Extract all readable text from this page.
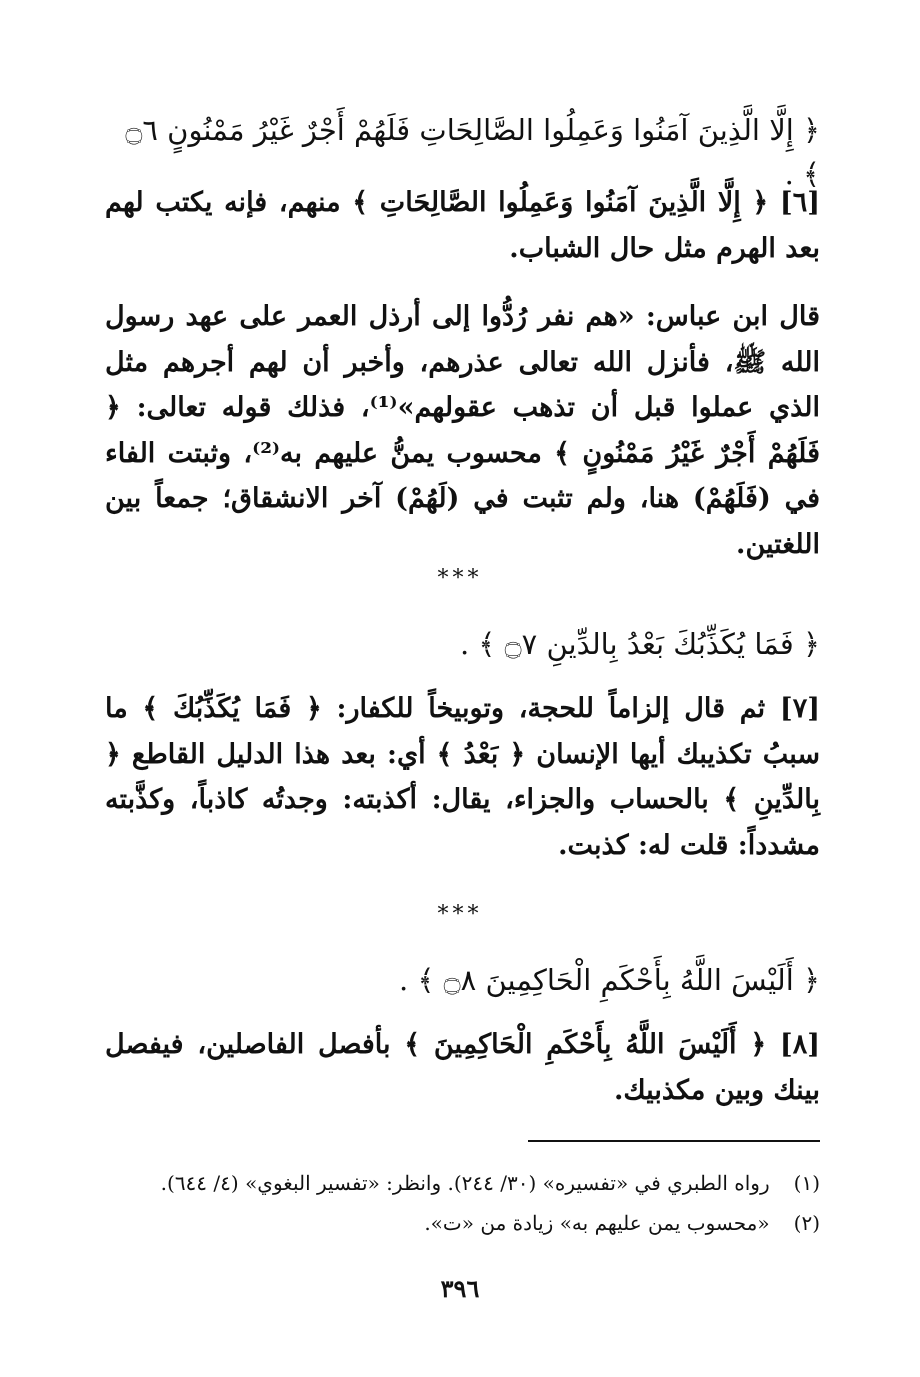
﴿ إِلَّا الَّذِينَ آمَنُوا وَعَمِلُوا الصَّالِحَاتِ فَلَهُمْ أَجْرٌ غَيْرُ مَمْنُونٍ ۝٦ ﴾ .
[٦] ﴿ إِلَّا الَّذِينَ آمَنُوا وَعَمِلُوا الصَّالِحَاتِ ﴾ منهم، فإنه يكتب لهم بعد الهرم مثل حال الشباب.
قال ابن عباس: «هم نفر رُدُّوا إلى أرذل العمر على عهد رسول الله ﷺ، فأنزل الله تعالى عذرهم، وأخبر أن لهم أجرهم مثل الذي عملوا قبل أن تذهب عقولهم»⁽¹⁾، فذلك قوله تعالى: ﴿ فَلَهُمْ أَجْرٌ غَيْرُ مَمْنُونٍ ﴾ محسوب يمنُّ عليهم به⁽²⁾، وثبتت الفاء في (فَلَهُمْ) هنا، ولم تثبت في (لَهُمْ) آخر الانشقاق؛ جمعاً بين اللغتين.
***
﴿ فَمَا يُكَذِّبُكَ بَعْدُ بِالدِّينِ ۝٧ ﴾ .
[٧] ثم قال إلزاماً للحجة، وتوبيخاً للكفار: ﴿ فَمَا يُكَذِّبُكَ ﴾ ما سببُ تكذيبك أيها الإنسان ﴿ بَعْدُ ﴾ أي: بعد هذا الدليل القاطع ﴿ بِالدِّينِ ﴾ بالحساب والجزاء، يقال: أكذبته: وجدتُه كاذباً، وكذَّبته مشدداً: قلت له: كذبت.
***
﴿ أَلَيْسَ اللَّهُ بِأَحْكَمِ الْحَاكِمِينَ ۝٨ ﴾ .
[٨] ﴿ أَلَيْسَ اللَّهُ بِأَحْكَمِ الْحَاكِمِينَ ﴾ بأفصل الفاصلين، فيفصل بينك وبين مكذبيك.
(١) رواه الطبري في «تفسيره» (٣٠/ ٢٤٤). وانظر: «تفسير البغوي» (٤/ ٦٤٤).
(٢) «محسوب يمن عليهم به» زيادة من «ت».
٣٩٦
